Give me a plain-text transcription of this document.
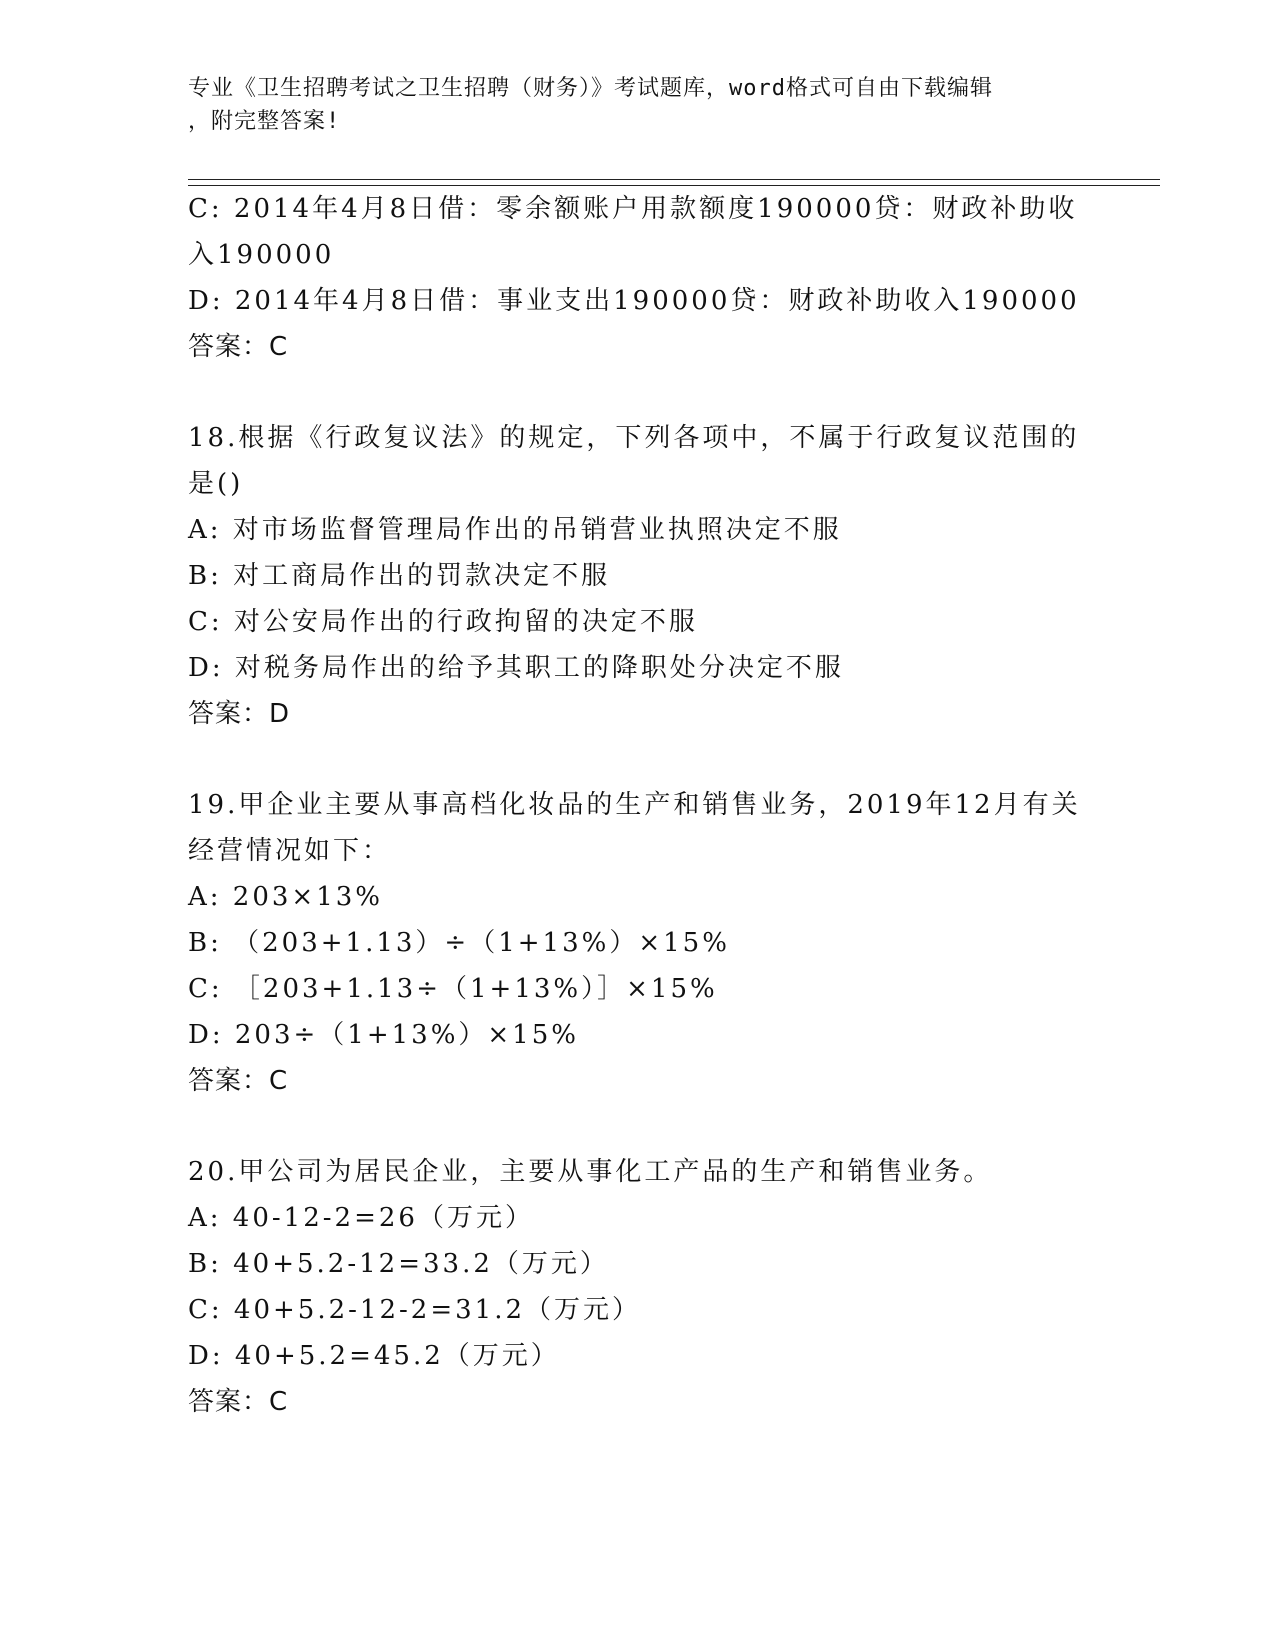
专业《卫生招聘考试之卫生招聘（财务）》考试题库，word格式可自由下载编辑
，附完整答案!
C: 2014年4月8日借：零余额账户用款额度190000贷：财政补助收
入190000
D: 2014年4月8日借：事业支出190000贷：财政补助收入190000
答案：C
18.根据《行政复议法》的规定，下列各项中，不属于行政复议范围的
是()
A: 对市场监督管理局作出的吊销营业执照决定不服
B: 对工商局作出的罚款决定不服
C: 对公安局作出的行政拘留的决定不服
D: 对税务局作出的给予其职工的降职处分决定不服
答案：D
19.甲企业主要从事高档化妆品的生产和销售业务，2019年12月有关
经营情况如下：
A: 203×13%
B: （203+1.13）÷（1+13%）×15%
C: ［203+1.13÷（1+13%）］×15%
D: 203÷（1+13%）×15%
答案：C
20.甲公司为居民企业，主要从事化工产品的生产和销售业务。
A: 40-12-2=26（万元）
B: 40+5.2-12=33.2（万元）
C: 40+5.2-12-2=31.2（万元）
D: 40+5.2=45.2（万元）
答案：C
